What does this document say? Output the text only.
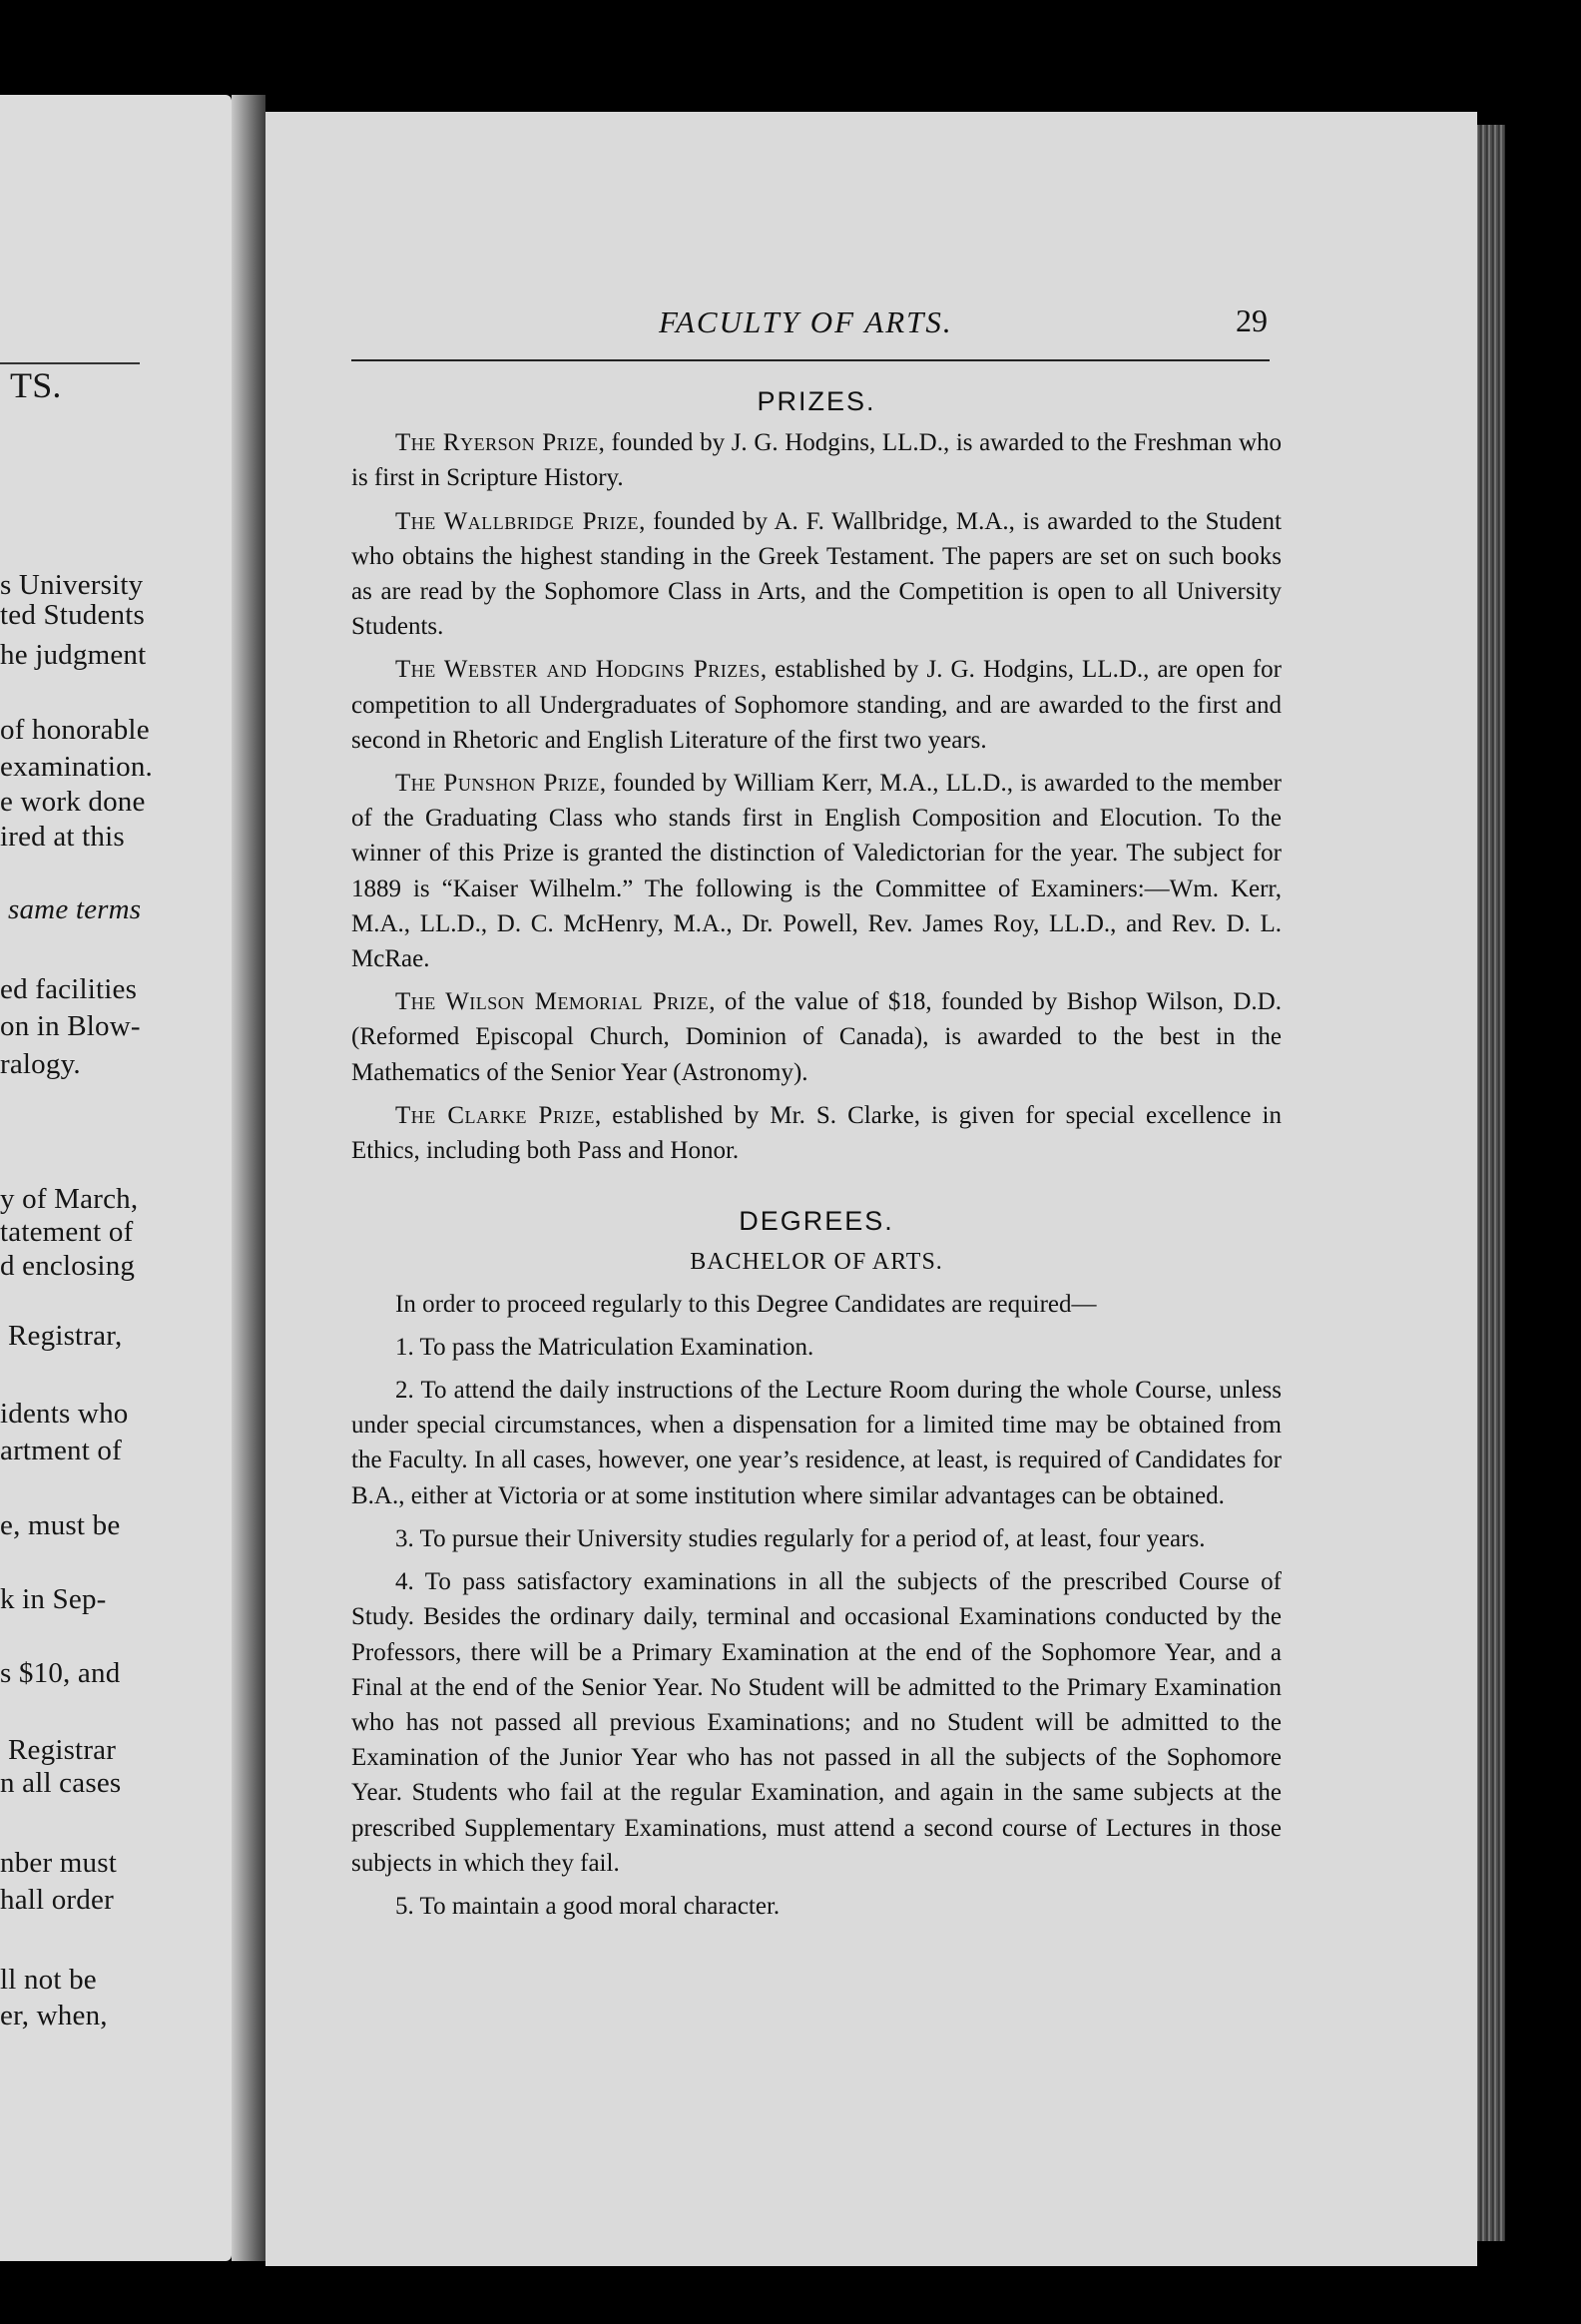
TS.
s University
ted Students
he judgment
of honorable
examination.
e work done
ired at this
same terms
ed facilities
on in Blow-
ralogy.
y of March,
tatement of
d enclosing
Registrar,
idents who
artment of
e, must be
k in Sep-
s $10, and
Registrar
n all cases
nber must
hall order
ll not be
er, when,
FACULTY OF ARTS.	29
PRIZES.

The Ryerson Prize, founded by J. G. Hodgins, LL.D., is awarded to the Freshman who is first in Scripture History.

The Wallbridge Prize, founded by A. F. Wallbridge, M.A., is awarded to the Student who obtains the highest standing in the Greek Testament. The papers are set on such books as are read by the Sophomore Class in Arts, and the Competition is open to all University Students.

The Webster and Hodgins Prizes, established by J. G. Hodgins, LL.D., are open for competition to all Undergraduates of Sophomore standing, and are awarded to the first and second in Rhetoric and English Literature of the first two years.

The Punshon Prize, founded by William Kerr, M.A., LL.D., is awarded to the member of the Graduating Class who stands first in English Composition and Elocution. To the winner of this Prize is granted the distinction of Valedictorian for the year. The subject for 1889 is “Kaiser Wilhelm.” The following is the Committee of Examiners:—Wm. Kerr, M.A., LL.D., D. C. McHenry, M.A., Dr. Powell, Rev. James Roy, LL.D., and Rev. D. L. McRae.

The Wilson Memorial Prize, of the value of $18, founded by Bishop Wilson, D.D. (Reformed Episcopal Church, Dominion of Canada), is awarded to the best in the Mathematics of the Senior Year (Astronomy).

The Clarke Prize, established by Mr. S. Clarke, is given for special excellence in Ethics, including both Pass and Honor.

DEGREES.
BACHELOR OF ARTS.

In order to proceed regularly to this Degree Candidates are required—

1. To pass the Matriculation Examination.

2. To attend the daily instructions of the Lecture Room during the whole Course, unless under special circumstances, when a dispensation for a limited time may be obtained from the Faculty. In all cases, however, one year’s residence, at least, is required of Candidates for B.A., either at Victoria or at some institution where similar advantages can be obtained.

3. To pursue their University studies regularly for a period of, at least, four years.

4. To pass satisfactory examinations in all the subjects of the prescribed Course of Study. Besides the ordinary daily, terminal and occasional Examinations conducted by the Professors, there will be a Primary Examination at the end of the Sophomore Year, and a Final at the end of the Senior Year. No Student will be admitted to the Primary Examination who has not passed all previous Examinations; and no Student will be admitted to the Examination of the Junior Year who has not passed in all the subjects of the Sophomore Year. Students who fail at the regular Examination, and again in the same subjects at the prescribed Supplementary Examinations, must attend a second course of Lectures in those subjects in which they fail.

5. To maintain a good moral character.
